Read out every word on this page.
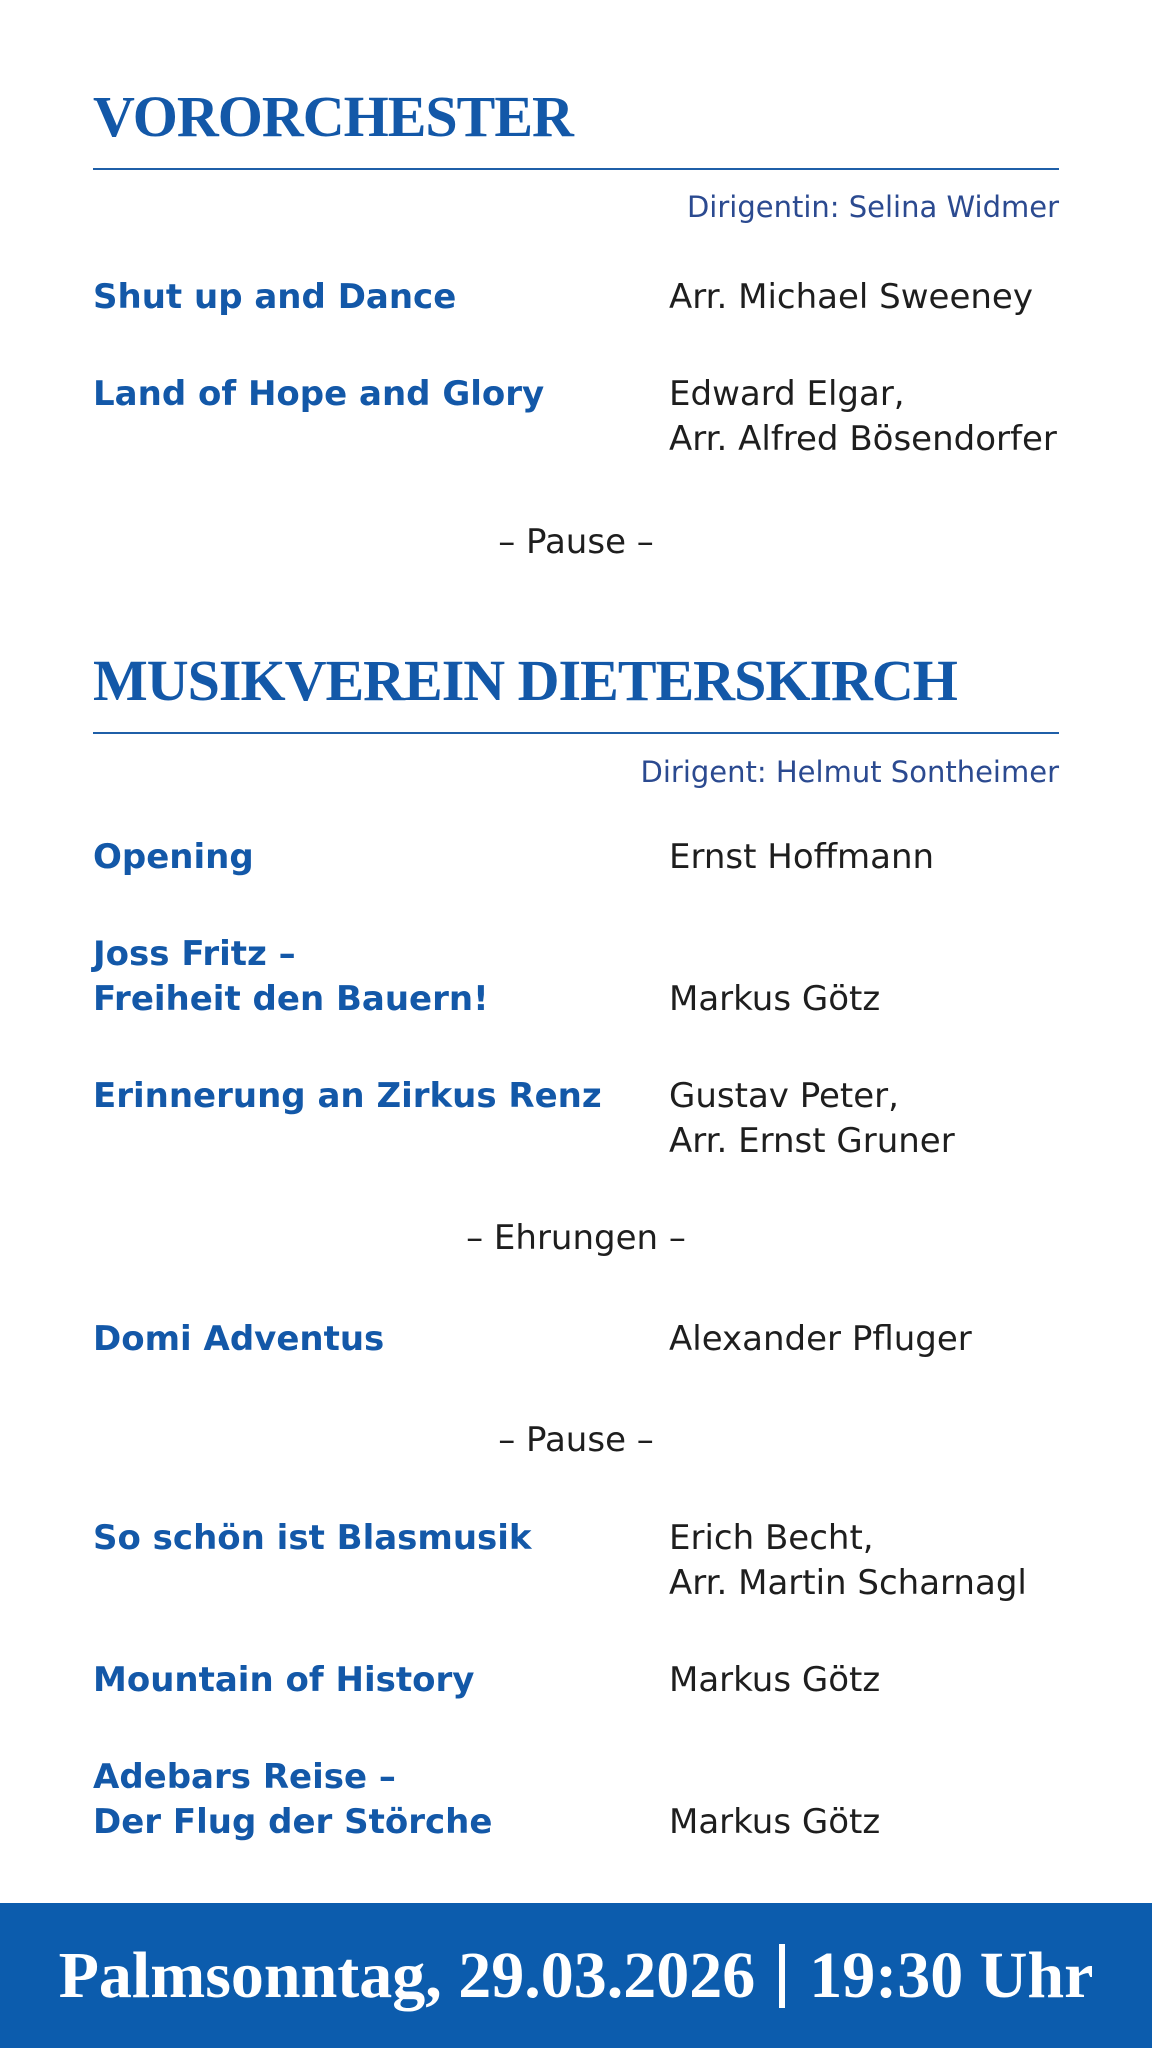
VORORCHESTER
Dirigentin: Selina Widmer
Shut up and Dance	Arr. Michael Sweeney
Land of Hope and Glory	Edward Elgar,
Arr. Alfred Bösendorfer
– Pause –
MUSIKVEREIN DIETERSKIRCH
Dirigent: Helmut Sontheimer
Opening	Ernst Hoffmann
Joss Fritz –
Freiheit den Bauern!	Markus Götz
Erinnerung an Zirkus Renz	Gustav Peter,
Arr. Ernst Gruner
– Ehrungen –
Domi Adventus	Alexander Pfluger
– Pause –
So schön ist Blasmusik	Erich Becht,
Arr. Martin Scharnagl
Mountain of History	Markus Götz
Adebars Reise –
Der Flug der Störche	Markus Götz
Palmsonntag, 29.03.2026 19:30 Uhr
